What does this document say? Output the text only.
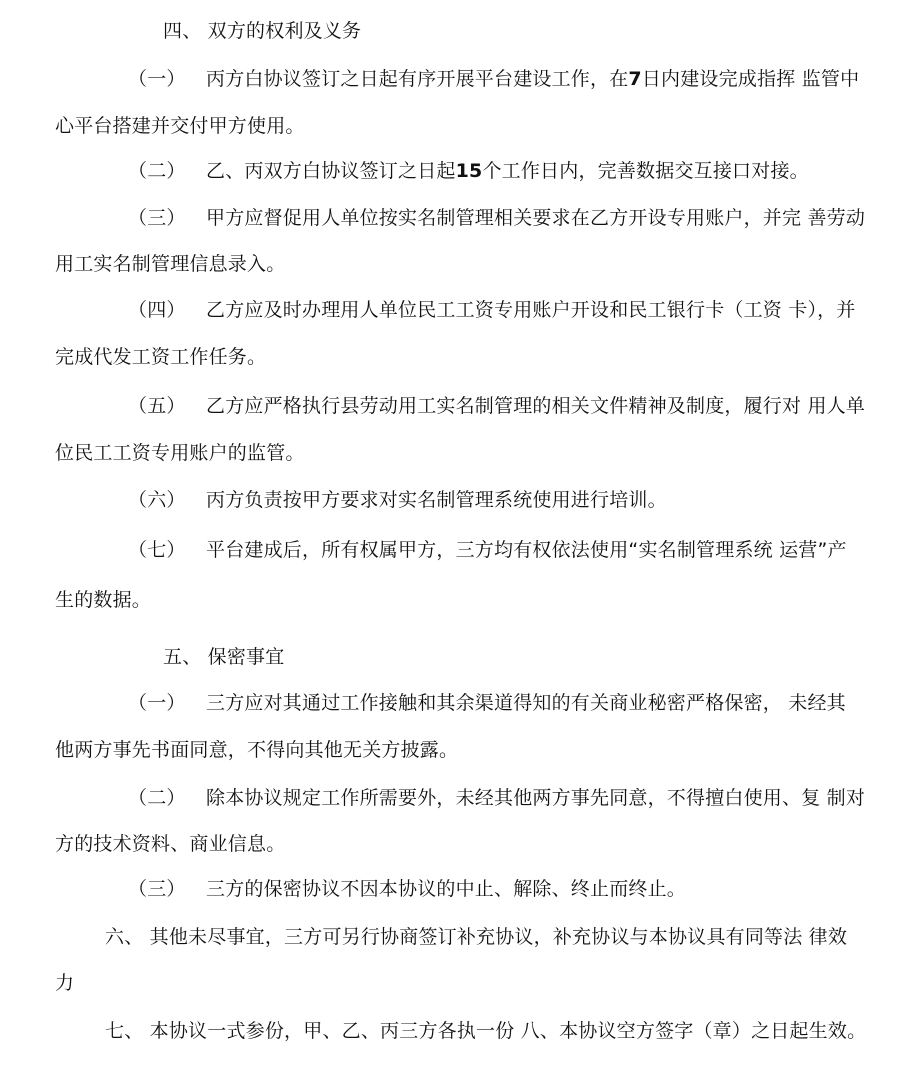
四、 双方的权利及义务
（一） 丙方白协议签订之日起有序开展平台建设工作，在7日内建设完成指挥 监管中
心平台搭建并交付甲方使用。
（二） 乙、丙双方白协议签订之日起15个工作日内，完善数据交互接口对接。
（三） 甲方应督促用人单位按实名制管理相关要求在乙方开设专用账户，并完 善劳动
用工实名制管理信息录入。
（四） 乙方应及时办理用人单位民工工资专用账户开设和民工银行卡（工资 卡），并
完成代发工资工作任务。
（五） 乙方应严格执行县劳动用工实名制管理的相关文件精神及制度，履行对 用人单
位民工工资专用账户的监管。
（六） 丙方负责按甲方要求对实名制管理系统使用进行培训。
（七） 平台建成后，所有权属甲方，三方均有权依法使用“实名制管理系统 运营”产
生的数据。
五、 保密事宜
（一） 三方应对其通过工作接触和其余渠道得知的有关商业秘密严格保密， 未经其
他两方事先书面同意，不得向其他无关方披露。
（二） 除本协议规定工作所需要外，未经其他两方事先同意，不得擅白使用、复 制对
方的技术资料、商业信息。
（三） 三方的保密协议不因本协议的中止、解除、终止而终止。
六、 其他未尽事宜，三方可另行协商签订补充协议，补充协议与本协议具有同等法 律效
力
七、 本协议一式参份，甲、乙、丙三方各执一份 八、本协议空方签字（章）之日起生效。
